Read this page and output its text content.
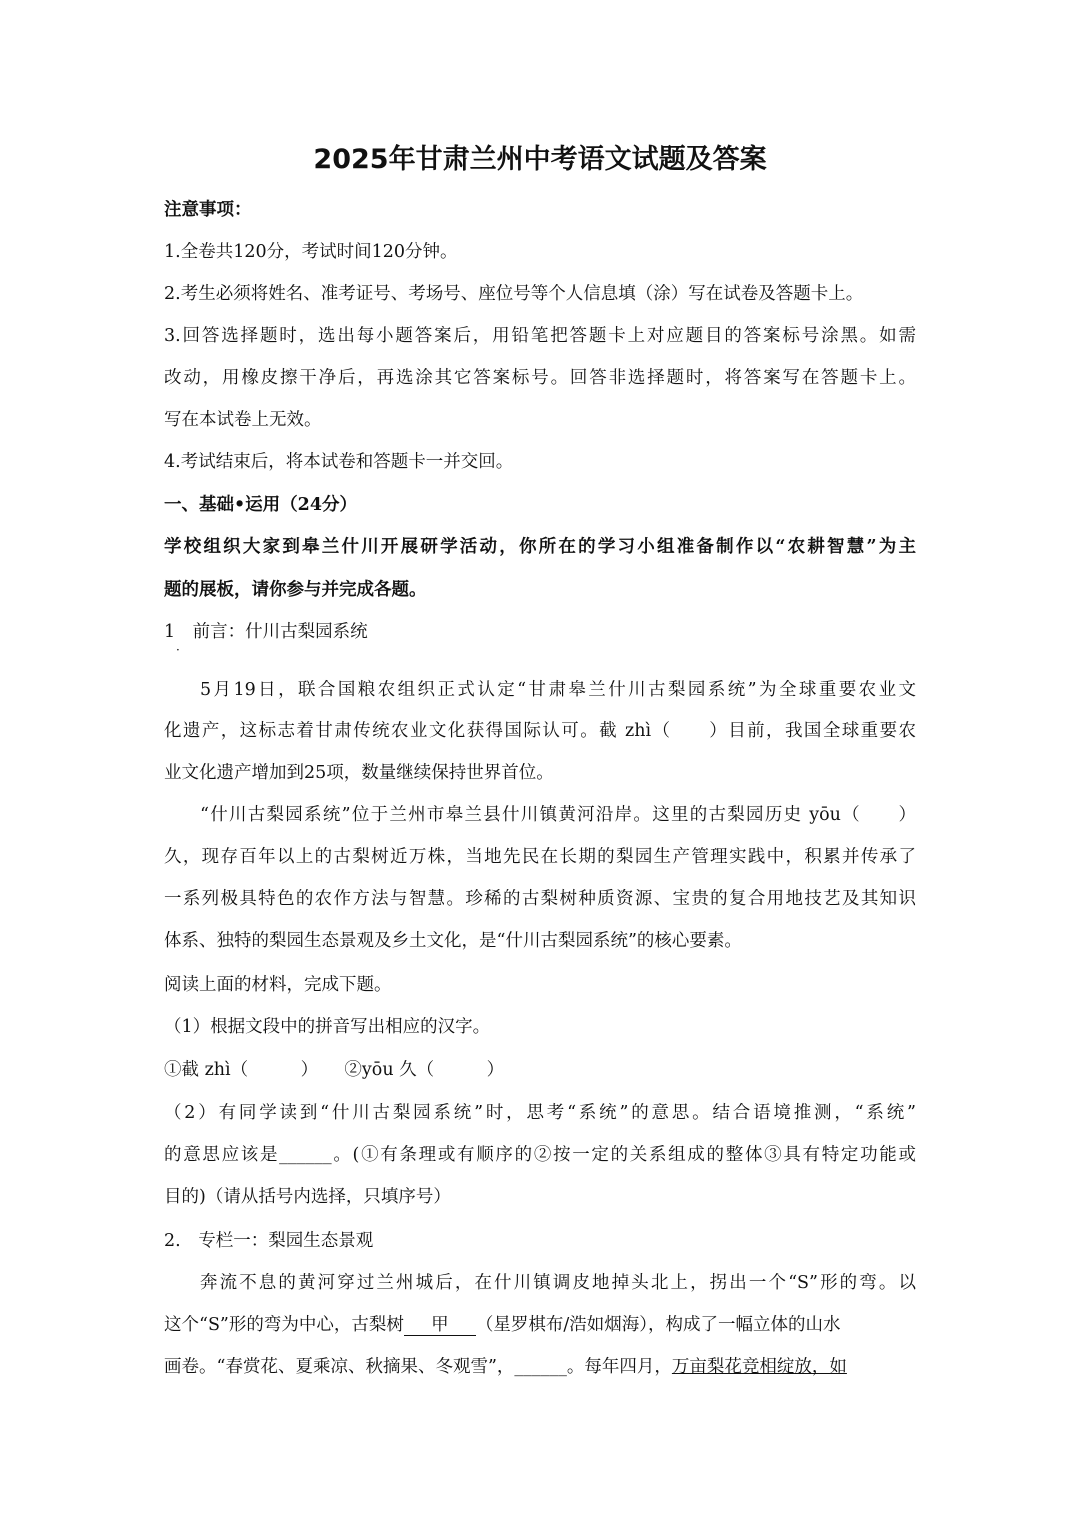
2025年甘肃兰州中考语文试题及答案
注意事项：
1.全卷共120分，考试时间120分钟。
2.考生必须将姓名、准考证号、考场号、座位号等个人信息填（涂）写在试卷及答题卡上。
3.回答选择题时，选出每小题答案后，用铅笔把答题卡上对应题目的答案标号涂黑。如需
改动，用橡皮擦干净后，再选涂其它答案标号。回答非选择题时，将答案写在答题卡上。
写在本试卷上无效。
4.考试结束后，将本试卷和答题卡一并交回。
一、基础•运用（24分）
学校组织大家到皋兰什川开展研学活动，你所在的学习小组准备制作以“农耕智慧”为主
题的展板，请你参与并完成各题。
1　前言：什川古梨园系统
·
5月19日，联合国粮农组织正式认定“甘肃皋兰什川古梨园系统”为全球重要农业文
化遗产，这标志着甘肃传统农业文化获得国际认可。截 zhì（　　）目前，我国全球重要农
业文化遗产增加到25项，数量继续保持世界首位。
“什川古梨园系统”位于兰州市皋兰县什川镇黄河沿岸。这里的古梨园历史 yōu（　　）
久，现存百年以上的古梨树近万株，当地先民在长期的梨园生产管理实践中，积累并传承了
一系列极具特色的农作方法与智慧。珍稀的古梨树种质资源、宝贵的复合用地技艺及其知识
体系、独特的梨园生态景观及乡土文化，是“什川古梨园系统”的核心要素。
阅读上面的材料，完成下题。
（1）根据文段中的拼音写出相应的汉字。
①截 zhì（　　　）　　②yōu 久（　　　）
（2）有同学读到“什川古梨园系统”时，思考“系统”的意思。结合语境推测，“系统”
的意思应该是______。(①有条理或有顺序的②按一定的关系组成的整体③具有特定功能或
目的)（请从括号内选择，只填序号）
2.　专栏一：梨园生态景观
奔流不息的黄河穿过兰州城后，在什川镇调皮地掉头北上，拐出一个“S”形的弯。以
这个“S”形的弯为中心，古梨树 甲 （星罗棋布/浩如烟海），构成了一幅立体的山水
画卷。“春赏花、夏乘凉、秋摘果、冬观雪”，______。每年四月，万亩梨花竞相绽放，如
